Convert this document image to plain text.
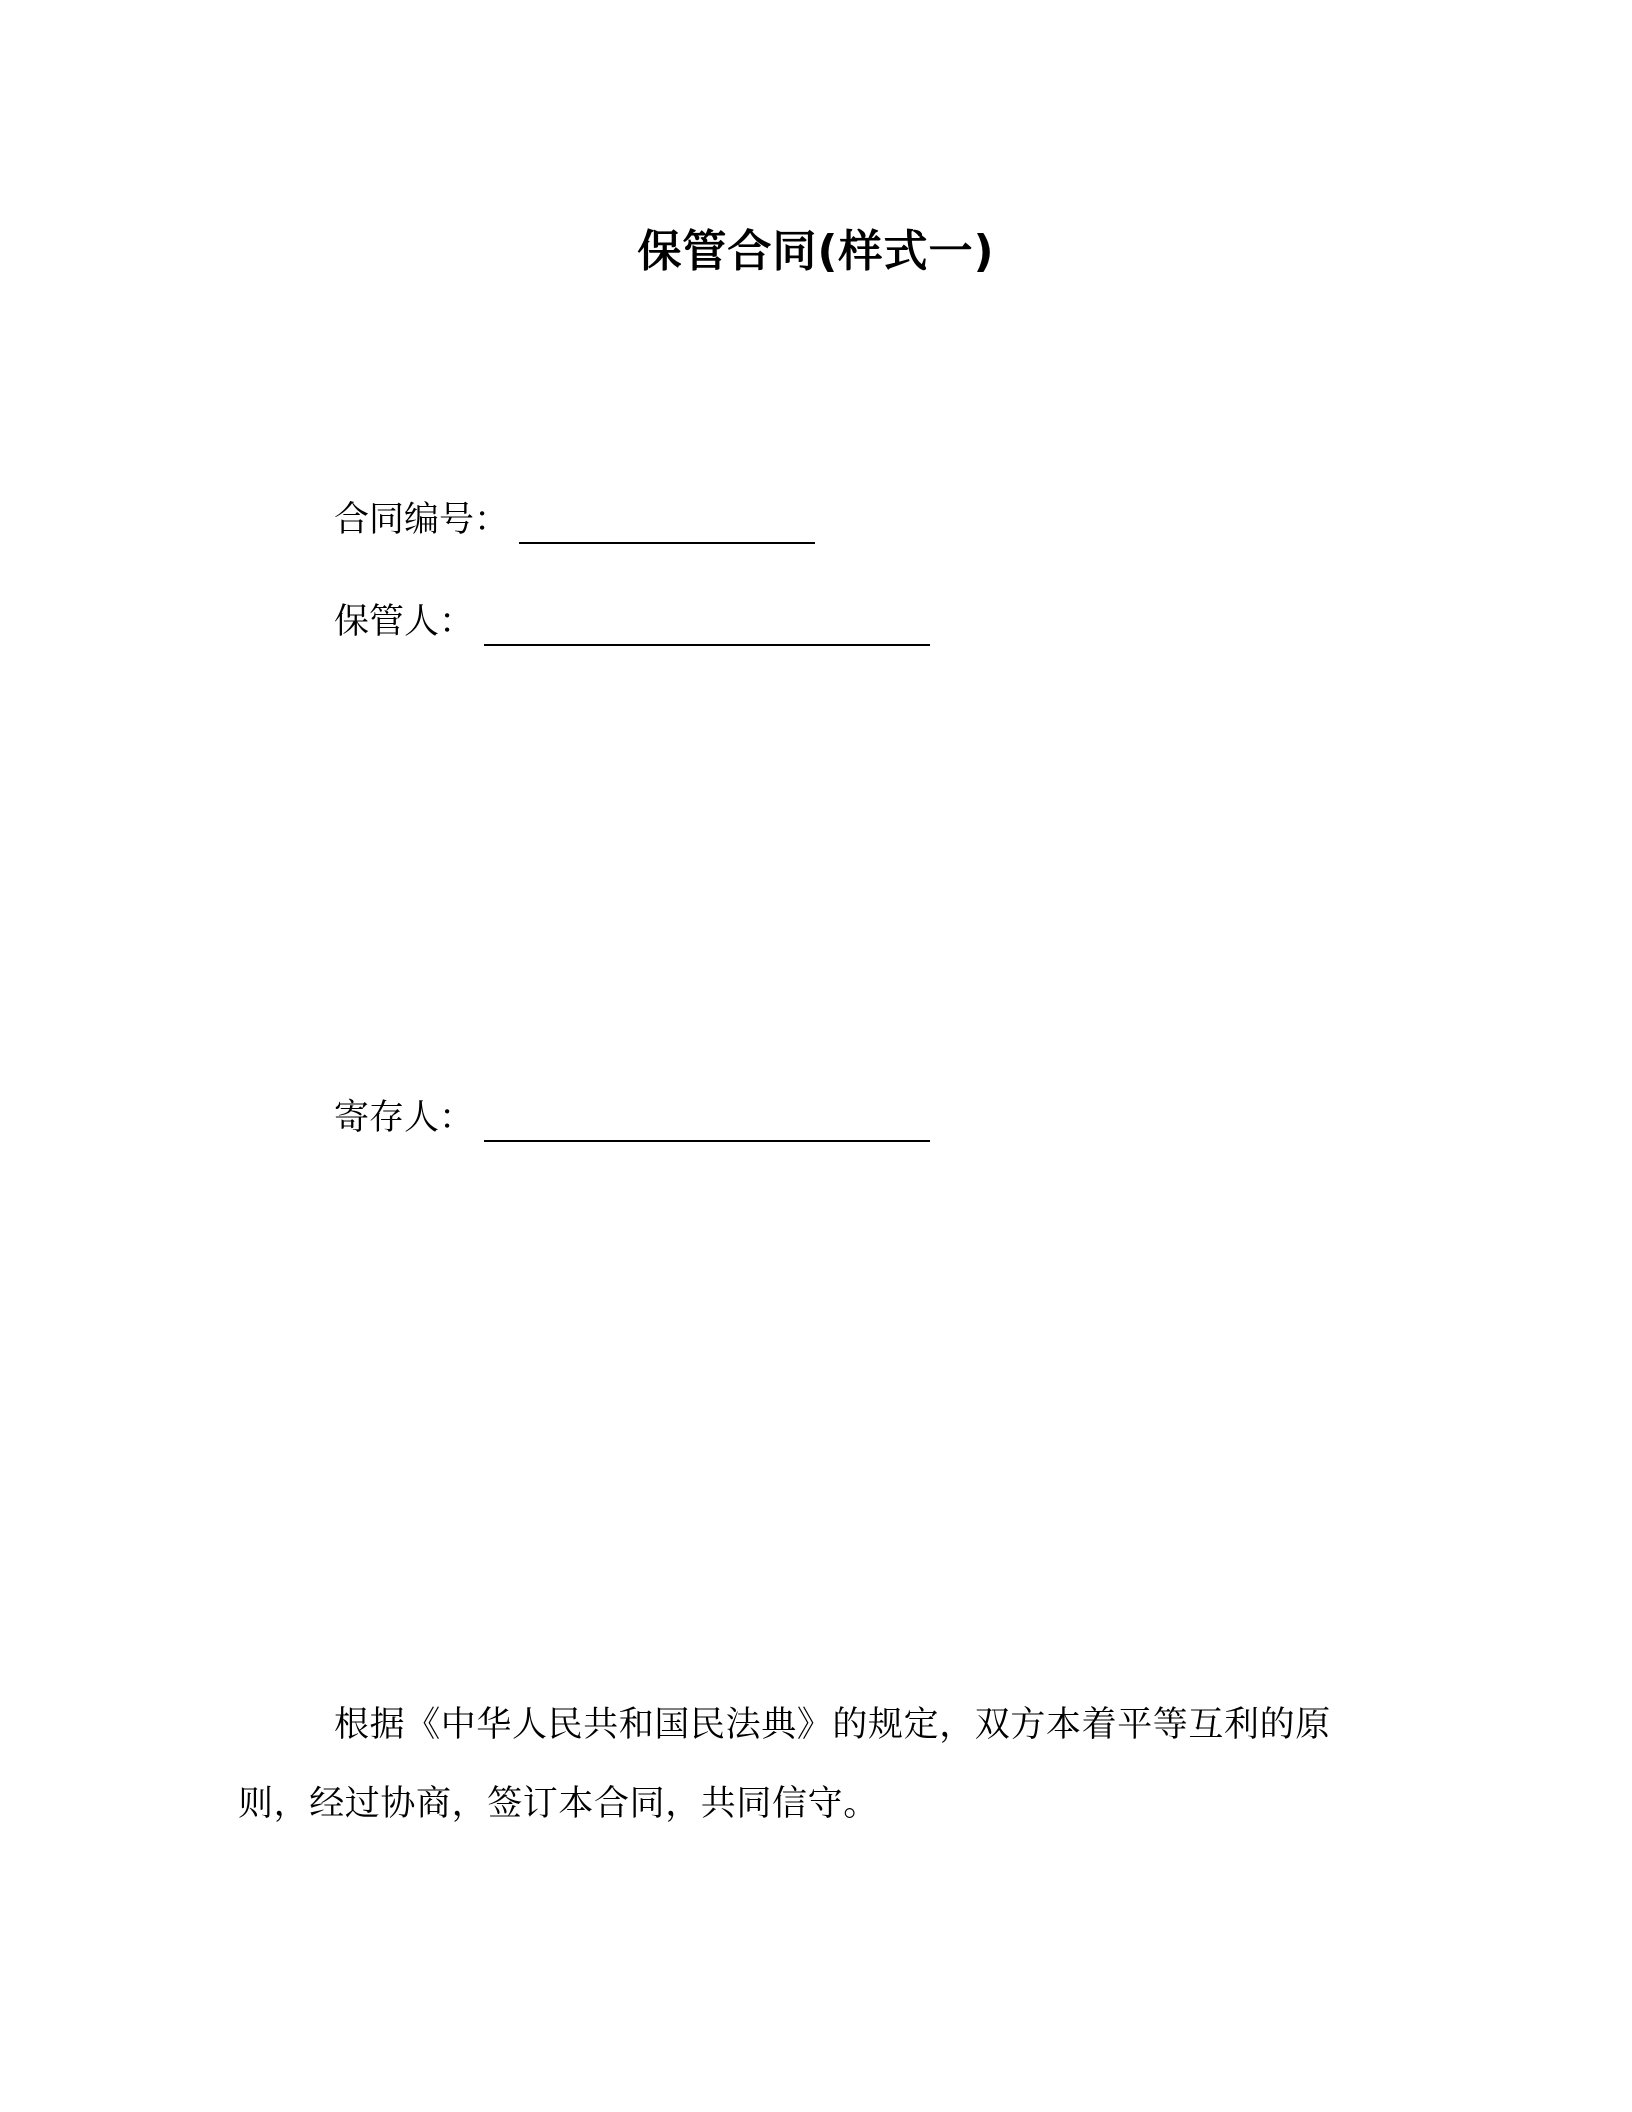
保管合同(样式一)
合同编号：
保管人：
寄存人：
根据《中华人民共和国民法典》的规定，双方本着平等互利的原则，经过协商，签订本合同，共同信守。
